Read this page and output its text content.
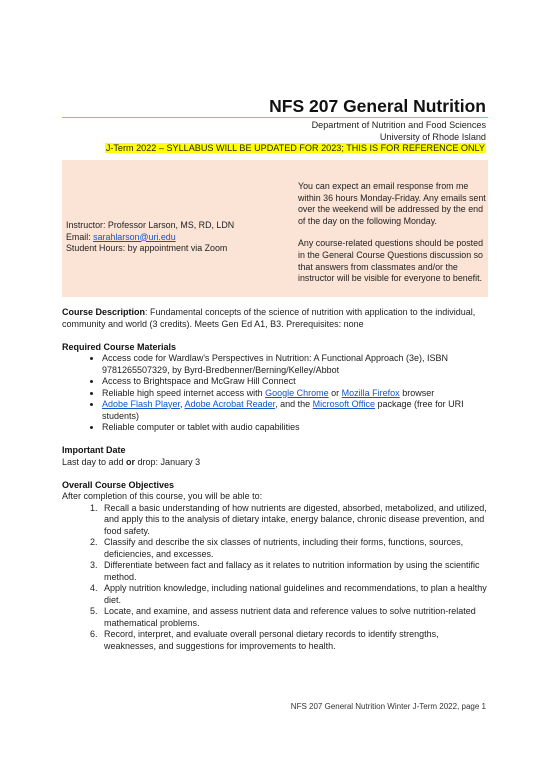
NFS 207 General Nutrition
Department of Nutrition and Food Sciences
University of Rhode Island
J-Term 2022 – SYLLABUS WILL BE UPDATED FOR 2023; THIS IS FOR REFERENCE ONLY
Instructor: Professor Larson, MS, RD, LDN
Email: sarahlarson@uri.edu
Student Hours: by appointment via Zoom

You can expect an email response from me within 36 hours Monday-Friday. Any emails sent over the weekend will be addressed by the end of the day on the following Monday.

Any course-related questions should be posted in the General Course Questions discussion so that answers from classmates and/or the instructor will be visible for everyone to benefit.

Course Description: Fundamental concepts of the science of nutrition with application to the individual, community and world (3 credits). Meets Gen Ed A1, B3. Prerequisites: none

Required Course Materials

• Access code for Wardlaw's Perspectives in Nutrition: A Functional Approach (3e), ISBN 9781265507329, by Byrd-Bredbenner/Berning/Kelley/Abbot
• Access to Brightspace and McGraw Hill Connect
• Reliable high speed internet access with Google Chrome or Mozilla Firefox browser
• Adobe Flash Player, Adobe Acrobat Reader, and the Microsoft Office package (free for URI students)
• Reliable computer or tablet with audio capabilities

Important Date

Last day to add or drop: January 3

Overall Course Objectives

After completion of this course, you will be able to:

1. Recall a basic understanding of how nutrients are digested, absorbed, metabolized, and utilized, and apply this to the analysis of dietary intake, energy balance, chronic disease prevention, and food safety.
2. Classify and describe the six classes of nutrients, including their forms, functions, sources, deficiencies, and excesses.
3. Differentiate between fact and fallacy as it relates to nutrition information by using the scientific method.
4. Apply nutrition knowledge, including national guidelines and recommendations, to plan a healthy diet.
5. Locate, and examine, and assess nutrient data and reference values to solve nutrition-related mathematical problems.
6. Record, interpret, and evaluate overall personal dietary records to identify strengths, weaknesses, and suggestions for improvements to health.
NFS 207 General Nutrition Winter J-Term 2022, page 1
